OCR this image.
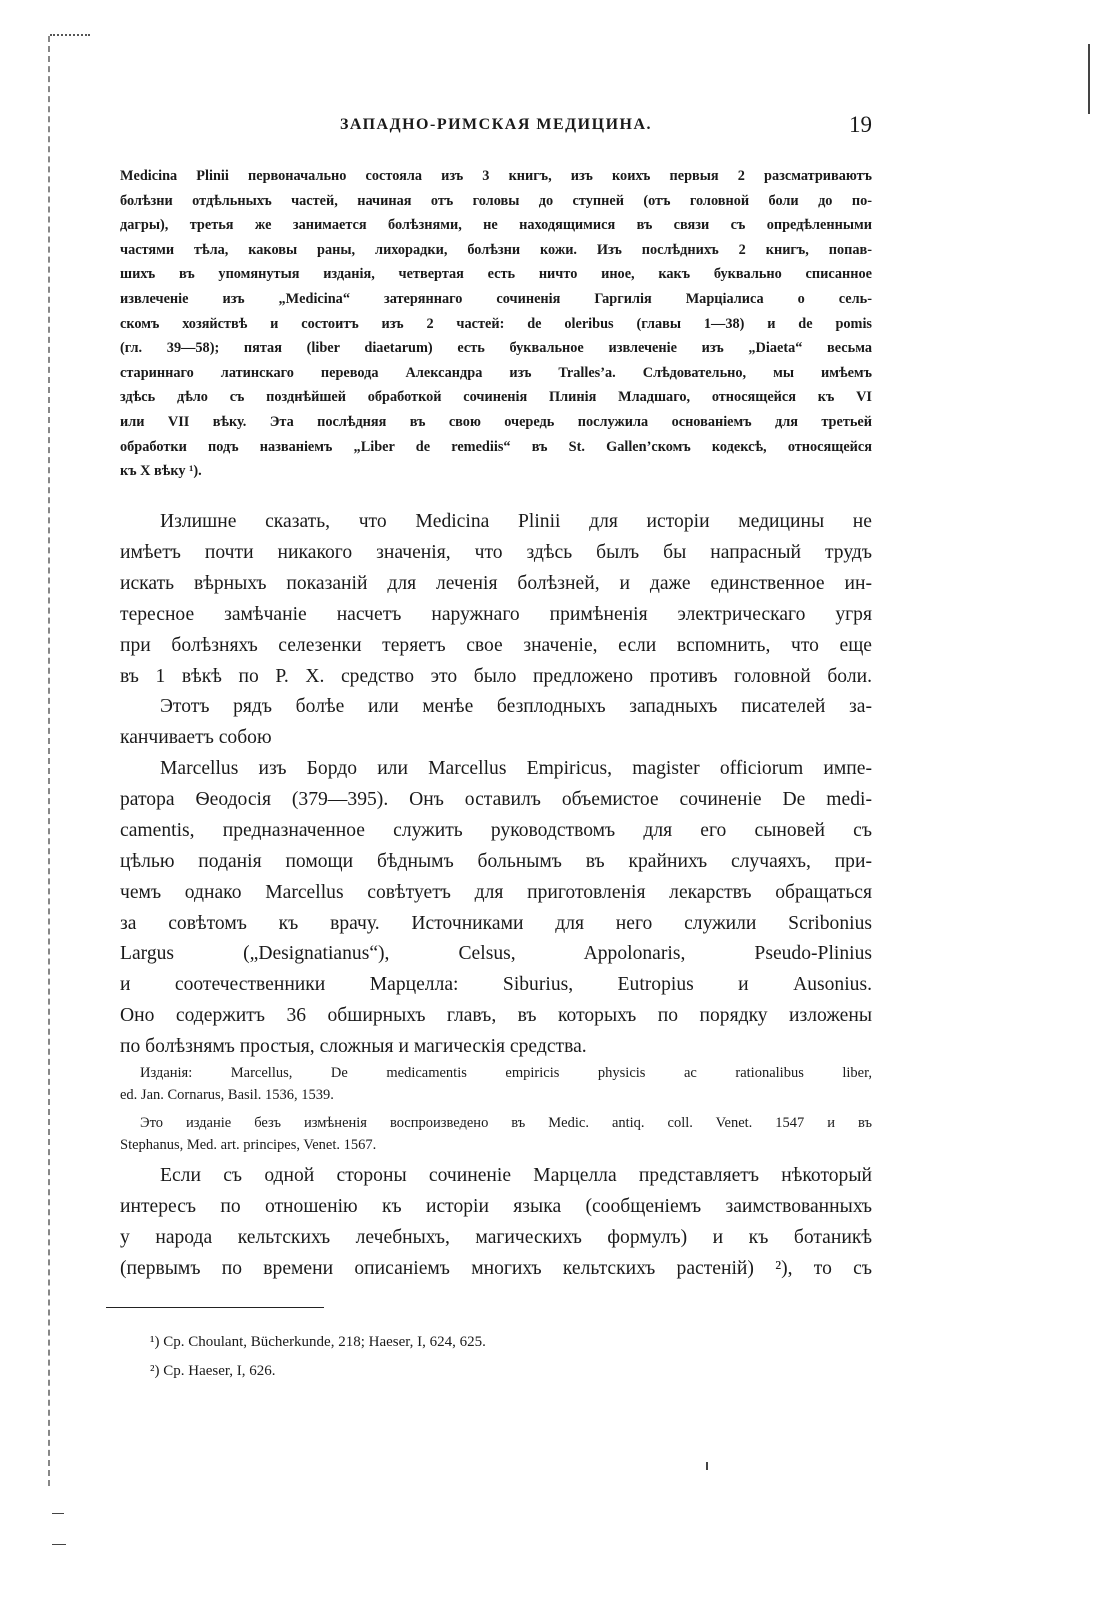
ЗАПАДНО-РИМСКАЯ МЕДИЦИНА.	19
Medicina Plinii первоначально состояла изъ 3 книгъ, изъ коихъ первыя 2 разсматриваютъ
болѣзни отдѣльныхъ частей, начиная отъ головы до ступней (отъ головной боли до по-
дагры), третья же занимается болѣзнями, не находящимися въ связи съ опредѣленными
частями тѣла, каковы раны, лихорадки, болѣзни кожи. Изъ послѣднихъ 2 книгъ, попав-
шихъ въ упомянутыя изданія, четвертая есть ничто иное, какъ буквально списанное
извлеченіе изъ „Medicina“ затеряннаго сочиненія Гаргилія Марціалиса о сель-
скомъ хозяйствѣ и состоитъ изъ 2 частей: de oleribus (главы 1—38) и de pomis
(гл. 39—58); пятая (liber diaetarum) есть буквальное извлеченіе изъ „Diaeta“ весьма
стариннаго латинскаго перевода Александра изъ Tralles’a. Слѣдовательно, мы имѣемъ
здѣсь дѣло съ позднѣйшей обработкой сочиненія Плинія Младшаго, относящейся къ VI
или VII вѣку. Эта послѣдняя въ свою очередь послужила основаніемъ для третьей
обработки подъ названіемъ „Liber de remediis“ въ St. Gallen’скомъ кодексѣ, относящейся
къ X вѣку ¹).
Излишне сказать, что Medicina Plinii для исторіи медицины не
имѣетъ почти никакого значенія, что здѣсь былъ бы напрасный трудъ
искать вѣрныхъ показаній для леченія болѣзней, и даже единственное ин-
тересное замѣчаніе насчетъ наружнаго примѣненія электрическаго угря
при болѣзняхъ селезенки теряетъ свое значеніе, если вспомнить, что еще
въ 1 вѣкѣ по Р. Х. средство это было предложено противъ головной боли.
Этотъ рядъ болѣе или менѣе безплодныхъ западныхъ писателей за-
канчиваетъ собою
Marcellus изъ Бордо или Marcellus Empiricus, magister officiorum импе-
ратора Ѳеодосія (379—395). Онъ оставилъ объемистое сочиненіе De medi-
camentis, предназначенное служить руководствомъ для его сыновей съ
цѣлью поданія помощи бѣднымъ больнымъ въ крайнихъ случаяхъ, при-
чемъ однако Marcellus совѣтуетъ для приготовленія лекарствъ обращаться
за совѣтомъ къ врачу. Источниками для него служили Scribonius
Largus („Designatianus“), Celsus, Appolonaris, Pseudo-Plinius
и соотечественники Марцелла: Siburius, Eutropius и Ausonius.
Оно содержитъ 36 обширныхъ главъ, въ которыхъ по порядку изложены
по болѣзнямъ простыя, сложныя и магическія средства.
Изданія: Marcellus, De medicamentis empiricis physicis ac rationalibus liber,
ed. Jan. Cornarus, Basil. 1536, 1539.
Это изданіе безъ измѣненія воспроизведено въ Medic. antiq. coll. Venet. 1547 и въ
Stephanus, Med. art. principes, Venet. 1567.
Если съ одной стороны сочиненіе Марцелла представляетъ нѣкоторый
интересъ по отношенію къ исторіи языка (сообщеніемъ заимствованныхъ
у народа кельтскихъ лечебныхъ, магическихъ формулъ) и къ ботаникѣ
(первымъ по времени описаніемъ многихъ кельтскихъ растеній) ²), то съ
¹) Cp. Choulant, Bücherkunde, 218; Haeser, I, 624, 625.
²) Cp. Haeser, I, 626.
